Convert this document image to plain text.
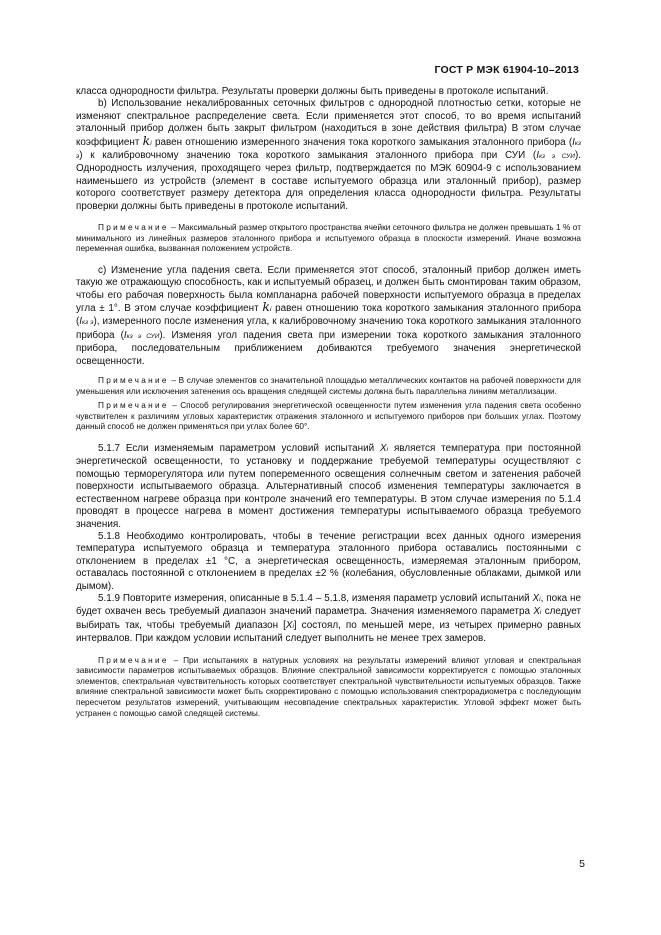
ГОСТ Р МЭК 61904-10–2013

класса однородности фильтра. Результаты проверки должны быть приведены в протоколе испытаний.

b) Использование некалиброванных сеточных фильтров с однородной плотностью сетки, которые не изменяют спектральное распределение света. Если применяется этот способ, то во время испытаний эталонный прибор должен быть закрыт фильтром (находиться в зоне действия фильтра) В этом случае коэффициент ki равен отношению измеренного значения тока короткого замыкания эталонного прибора (Iкз э) к калибровочному значению тока короткого замыкания эталонного прибора при СУИ (Iкз э СУИ). Однородность излучения, проходящего через фильтр, подтверждается по МЭК 60904-9 с использованием наименьшего из устройств (элемент в составе испытуемого образца или эталонный прибор), размер которого соответствует размеру детектора для определения класса однородности фильтра. Результаты проверки должны быть приведены в протоколе испытаний.

Примечание – Максимальный размер открытого пространства ячейки сеточного фильтра не должен превышать 1 % от минимального из линейных размеров эталонного прибора и испытуемого образца в плоскости измерений. Иначе возможна переменная ошибка, вызванная положением устройств.

c) Изменение угла падения света. Если применяется этот способ, эталонный прибор должен иметь такую же отражающую способность, как и испытуемый образец, и должен быть смонтирован таким образом, чтобы его рабочая поверхность была компланарна рабочей поверхности испытуемого образца в пределах угла ± 1°. В этом случае коэффициент ki равен отношению тока короткого замыкания эталонного прибора (Iкз э), измеренного после изменения угла, к калибровочному значению тока короткого замыкания эталонного прибора (Iкз э СУИ). Изменяя угол падения света при измерении тока короткого замыкания эталонного прибора, последовательным приближением добиваются требуемого значения энергетической освещенности.

Примечание – В случае элементов со значительной площадью металлических контактов на рабочей поверхности для уменьшения или исключения затенения ось вращения следящей системы должна быть параллельна линиям металлизации.

Примечание – Способ регулирования энергетической освещенности путем изменения угла падения света особенно чувствителен к различиям угловых характеристик отражения эталонного и испытуемого приборов при больших углах. Поэтому данный способ не должен применяться при углах более 60°.

5.1.7 Если изменяемым параметром условий испытаний Xi является температура при постоянной энергетической освещенности, то установку и поддержание требуемой температуры осуществляют с помощью терморегулятора или путем попеременного освещения солнечным светом и затенения рабочей поверхности испытываемого образца. Альтернативный способ изменения температуры заключается в естественном нагреве образца при контроле значений его температуры. В этом случае измерения по 5.1.4 проводят в процессе нагрева в момент достижения температуры испытываемого образца требуемого значения.

5.1.8 Необходимо контролировать, чтобы в течение регистрации всех данных одного измерения температура испытуемого образца и температура эталонного прибора оставались постоянными с отклонением в пределах ±1 °С, а энергетическая освещенность, измеряемая эталонным прибором, оставалась постоянной с отклонением в пределах ±2 % (колебания, обусловленные облаками, дымкой или дымом).

5.1.9 Повторите измерения, описанные в 5.1.4 – 5.1.8, изменяя параметр условий испытаний Xi, пока не будет охвачен весь требуемый диапазон значений параметра. Значения изменяемого параметра Xi следует выбирать так, чтобы требуемый диапазон [Xi] состоял, по меньшей мере, из четырех примерно равных интервалов. При каждом условии испытаний следует выполнить не менее трех замеров.

Примечание – При испытаниях в натурных условиях на результаты измерений влияют угловая и спектральная зависимости параметров испытываемых образцов. Влияние спектральной зависимости корректируется с помощью эталонных элементов, спектральная чувствительность которых соответствует спектральной чувствительности испытуемых образцов. Также влияние спектральной зависимости может быть скорректировано с помощью использования спектрорадиометра с последующим пересчетом результатов измерений, учитывающим несовпадение спектральных характеристик. Угловой эффект может быть устранен с помощью самой следящей системы.

5
